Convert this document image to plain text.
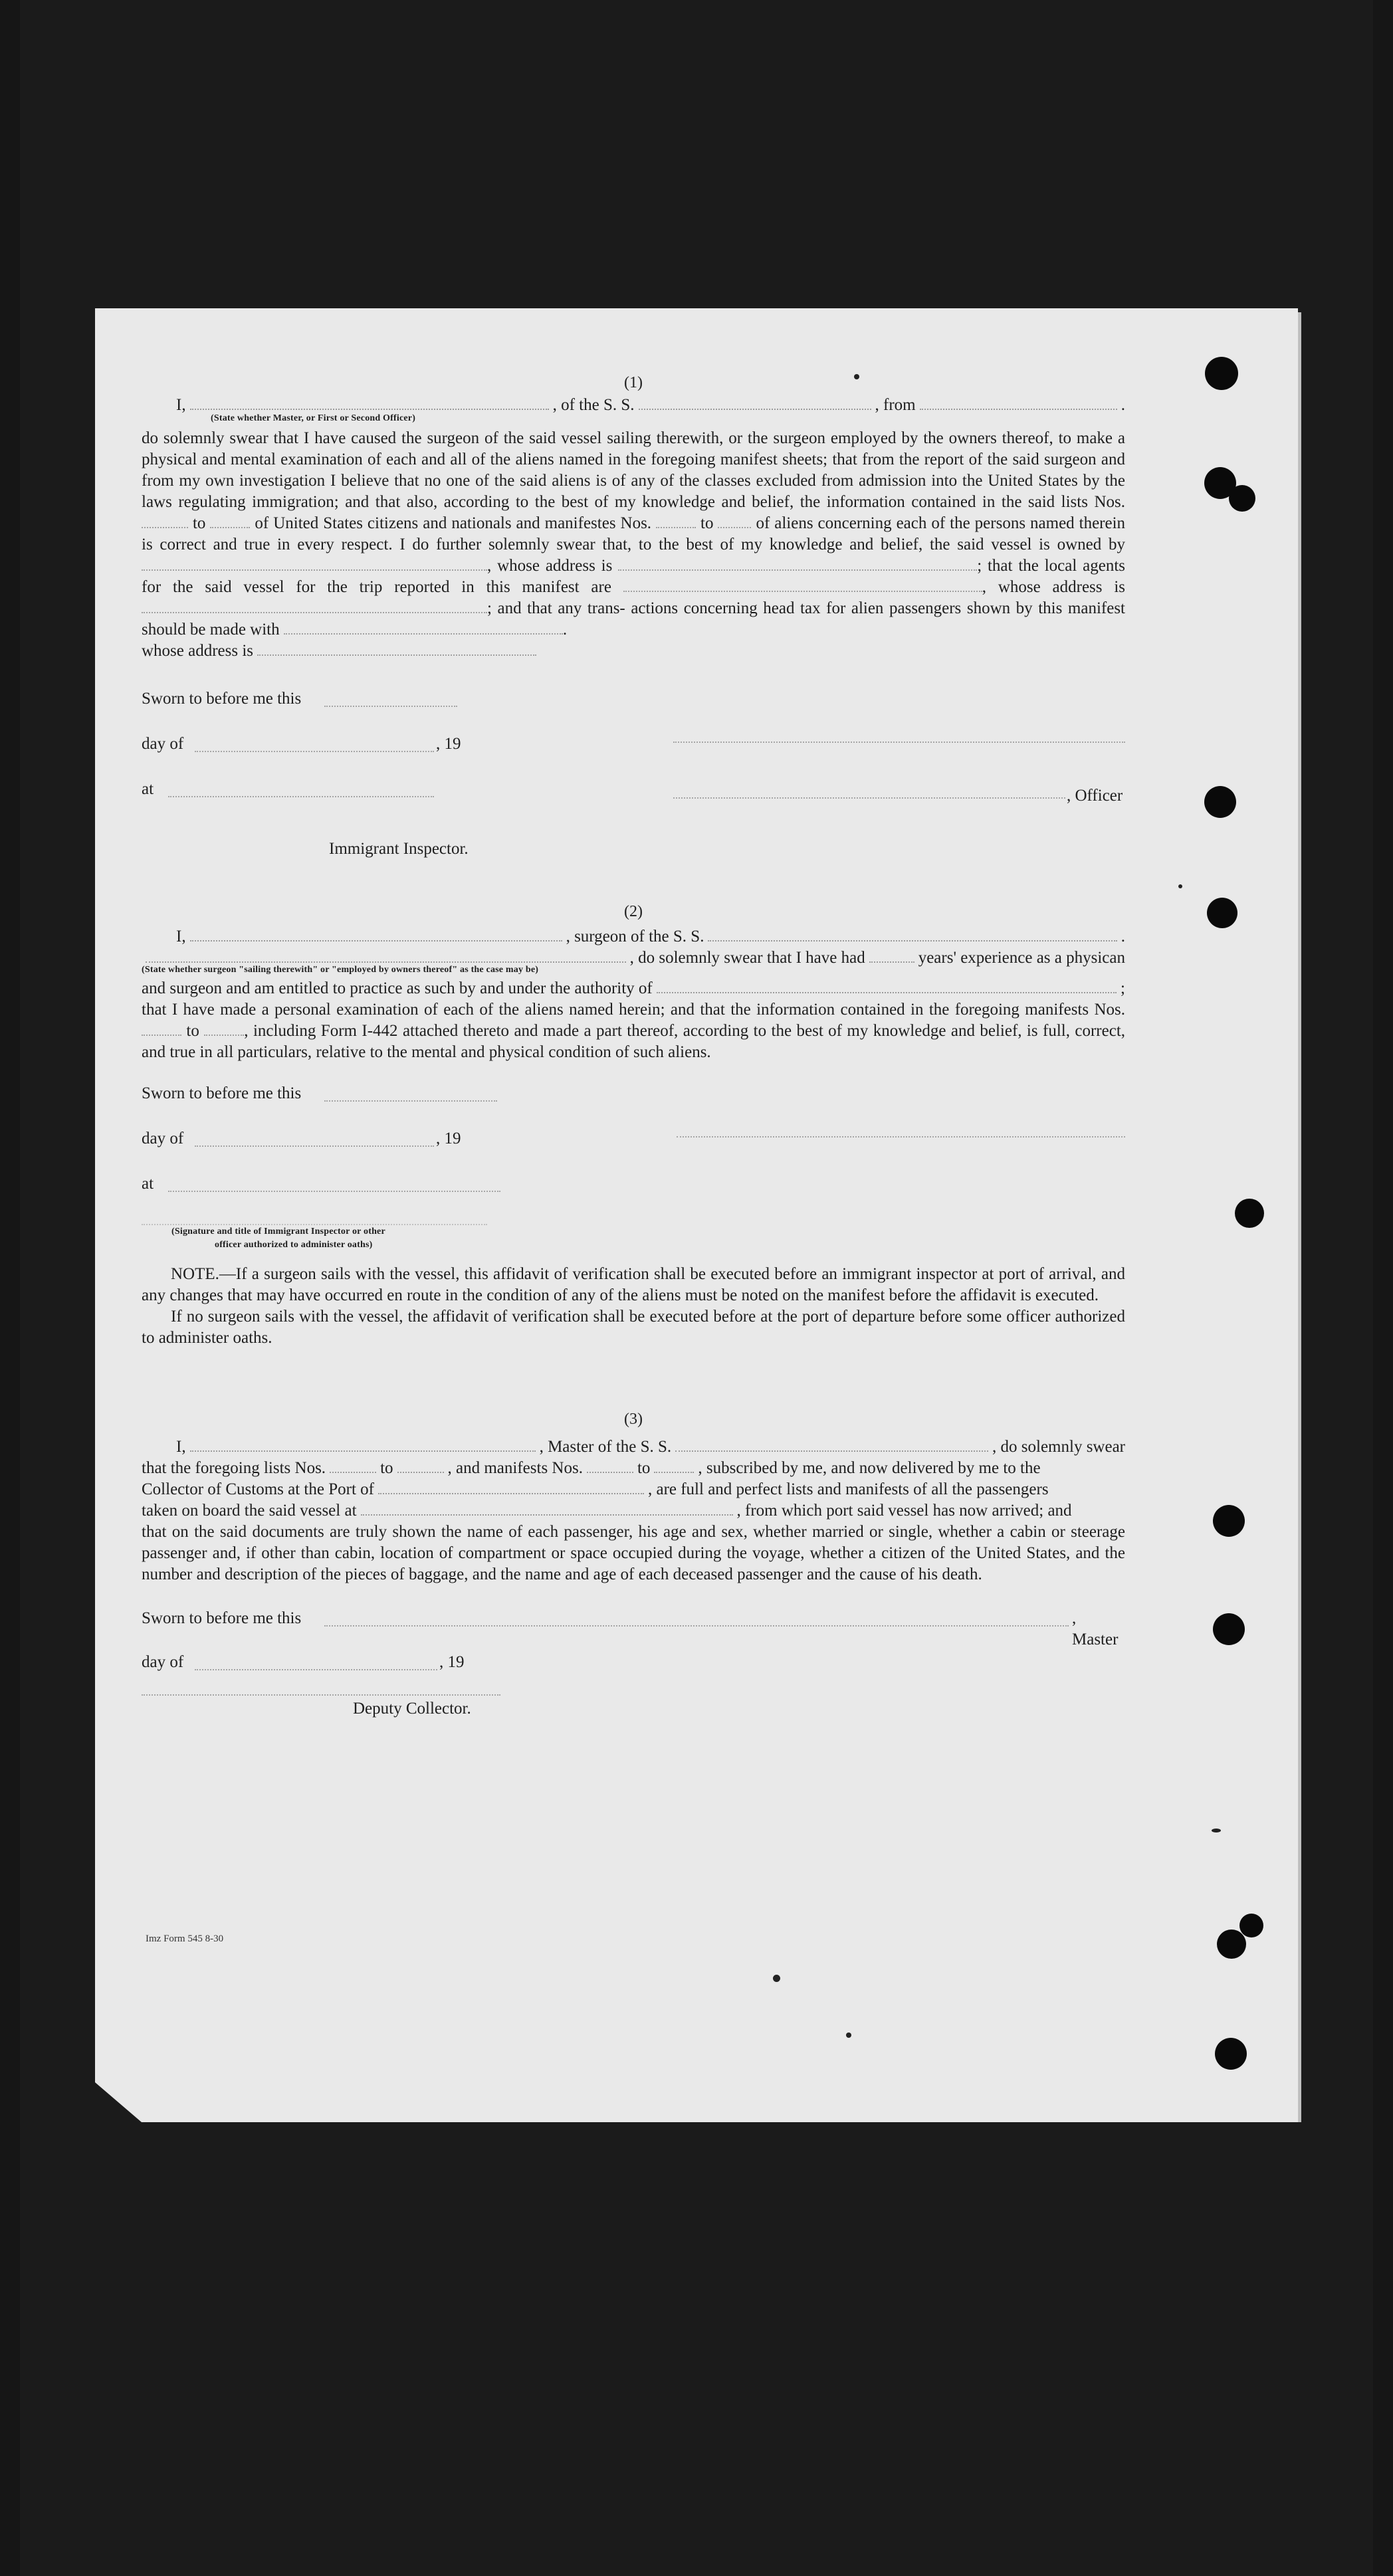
(1)

I,	, of the S. S.	, from	.
(State whether Master, or First or Second Officer)

do solemnly swear that I have caused the surgeon of the said vessel sailing therewith, or the surgeon employed by the owners thereof, to make a physical and mental examination of each and all of the aliens named in the foregoing manifest sheets; that from the report of the said surgeon and from my own investigation I believe that no one of the said aliens is of any of the classes excluded from admission into the United States by the laws regulating immigration; and that also, according to the best of my knowledge and belief, the information contained in the said lists Nos.  to	of United States citizens and nationals and manifestes Nos.	to	of aliens concerning each of the persons named therein is correct and true in every respect. I do further solemnly swear that, to the best of my knowledge and belief, the said vessel is owned by , whose address is	; that the local agents for the said vessel for the trip reported in this manifest are	, whose address is ; and that any trans- actions concerning head tax for alien passengers shown by this manifest should be made with	.
whose address is

Sworn to before me this
day of	, 19
at	, Officer
Immigrant Inspector.

(2)

I,	, surgeon of the S. S.	.
, do solemnly swear that I have had	years' experience as a physican
(State whether surgeon "sailing therewith" or "employed by owners thereof" as the case may be)
and surgeon and am entitled to practice as such by and under the authority of	;

that I have made a personal examination of each of the aliens named herein; and that the information contained in the foregoing manifests Nos.  to	, including Form I-442 attached thereto and made a part thereof, according to the best of my knowledge and belief, is full, correct, and true in all particulars, relative to the mental and physical condition of such aliens.

Sworn to before me this
day of	, 19
at
(Signature and title of Immigrant Inspector or other
officer authorized to administer oaths)

NOTE.—If a surgeon sails with the vessel, this affidavit of verification shall be executed before an immigrant inspector at port of arrival, and any changes that may have occurred en route in the condition of any of the aliens must be noted on the manifest before the affidavit is executed.

If no surgeon sails with the vessel, the affidavit of verification shall be executed before at the port of departure before some officer authorized to administer oaths.

(3)

I,	, Master of the S. S.	, do solemnly swear
that the foregoing lists Nos.	to	, and manifests Nos.	to	, subscribed by me, and now delivered by me to the
Collector of Customs at the Port of	, are full and perfect lists and manifests of all the passengers
taken on board the said vessel at	, from which port said vessel has now arrived; and

that on the said documents are truly shown the name of each passenger, his age and sex, whether married or single, whether a cabin or steerage passenger and, if other than cabin, location of compartment or space occupied during the voyage, whether a citizen of the United States, and the number and description of the pieces of baggage, and the name and age of each deceased passenger and the cause of his death.

Sworn to before me this	, Master
day of	, 19
Deputy Collector.
Imz Form 545 8-30
